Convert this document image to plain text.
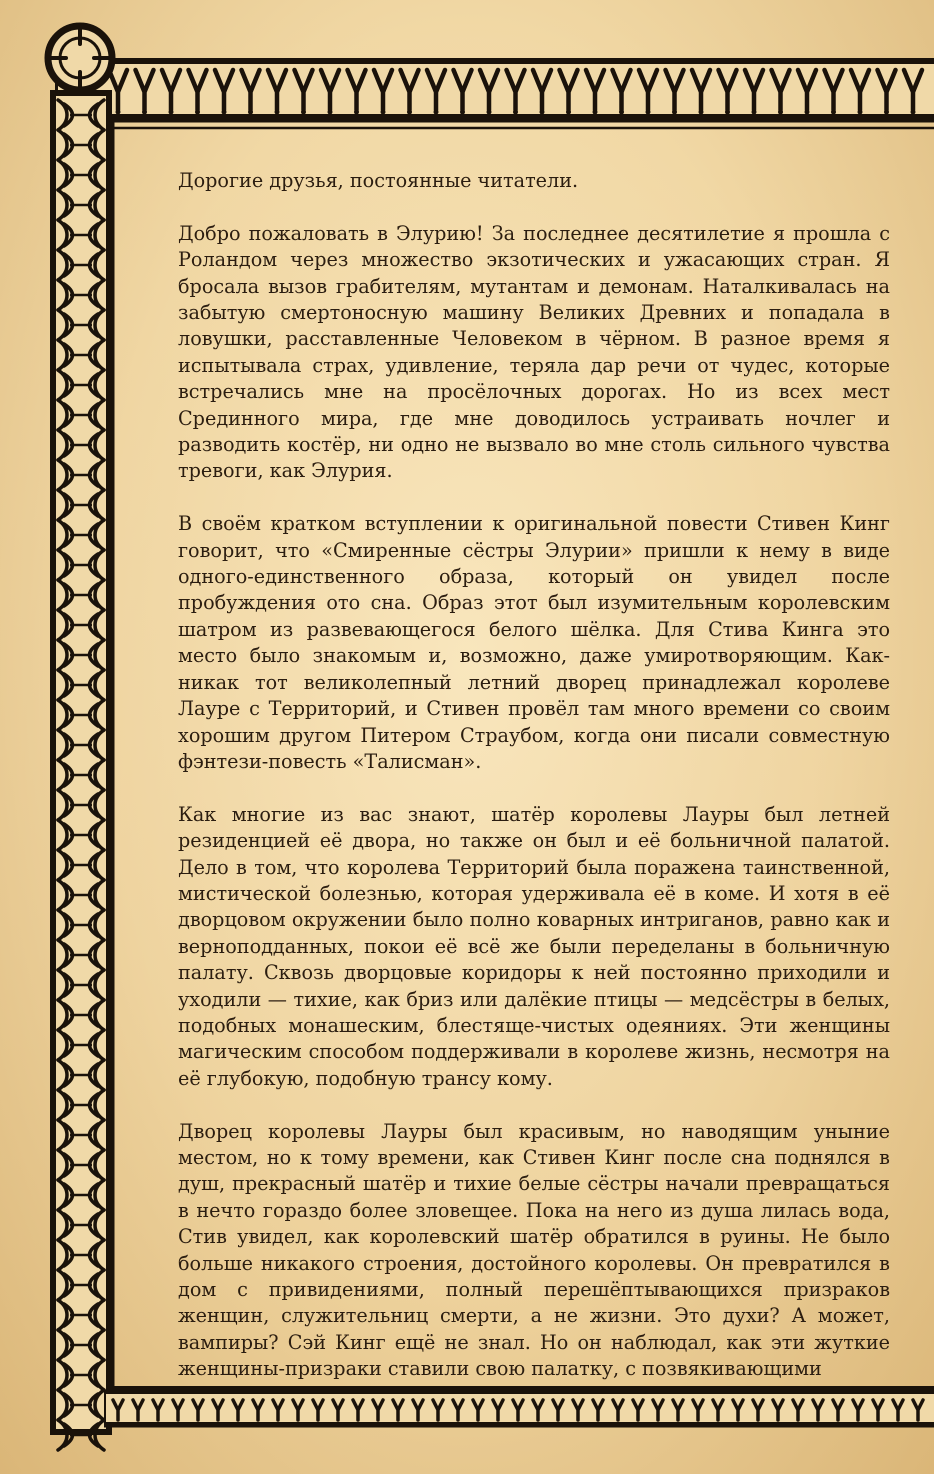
Дорогие друзья, постоянные читатели.

Добро пожаловать в Элурию! За последнее десятилетие я прошла с Роландом через множество экзотических и ужасающих стран. Я бросала вызов грабителям, мутантам и демонам. Наталкивалась на забытую смертоносную машину Великих Древних и попадала в ловушки, расставленные Человеком в чёрном. В разное время я испытывала страх, удивление, теряла дар речи от чудес, которые встречались мне на просёлочных дорогах. Но из всех мест Срединного мира, где мне доводилось устраивать ночлег и разводить костёр, ни одно не вызвало во мне столь сильного чувства тревоги, как Элурия.

В своём кратком вступлении к оригинальной повести Стивен Кинг говорит, что «Смиренные сёстры Элурии» пришли к нему в виде одного-единственного образа, который он увидел после пробуждения ото сна. Образ этот был изумительным королевским шатром из развевающегося белого шёлка. Для Стива Кинга это место было знакомым и, возможно, даже умиротворяющим. Как-никак тот великолепный летний дворец принадлежал королеве Лауре с Территорий, и Стивен провёл там много времени со своим хорошим другом Питером Страубом, когда они писали совместную фэнтези-повесть «Талисман».

Как многие из вас знают, шатёр королевы Лауры был летней резиденцией её двора, но также он был и её больничной палатой. Дело в том, что королева Территорий была поражена таинственной, мистической болезнью, которая удерживала её в коме. И хотя в её дворцовом окружении было полно коварных интриганов, равно как и верноподданных, покои её всё же были переделаны в больничную палату. Сквозь дворцовые коридоры к ней постоянно приходили и уходили — тихие, как бриз или далёкие птицы — медсёстры в белых, подобных монашеским, блестяще-чистых одеяниях. Эти женщины магическим способом поддерживали в королеве жизнь, несмотря на её глубокую, подобную трансу кому.

Дворец королевы Лауры был красивым, но наводящим уныние местом, но к тому времени, как Стивен Кинг после сна поднялся в душ, прекрасный шатёр и тихие белые сёстры начали превращаться в нечто гораздо более зловещее. Пока на него из душа лилась вода, Стив увидел, как королевский шатёр обратился в руины. Не было больше никакого строения, достойного королевы. Он превратился в дом с привидениями, полный перешёптывающихся призраков женщин, служительниц смерти, а не жизни. Это духи? А может, вампиры? Сэй Кинг ещё не знал. Но он наблюдал, как эти жуткие женщины-призраки ставили свою палатку, с позвякивающими
